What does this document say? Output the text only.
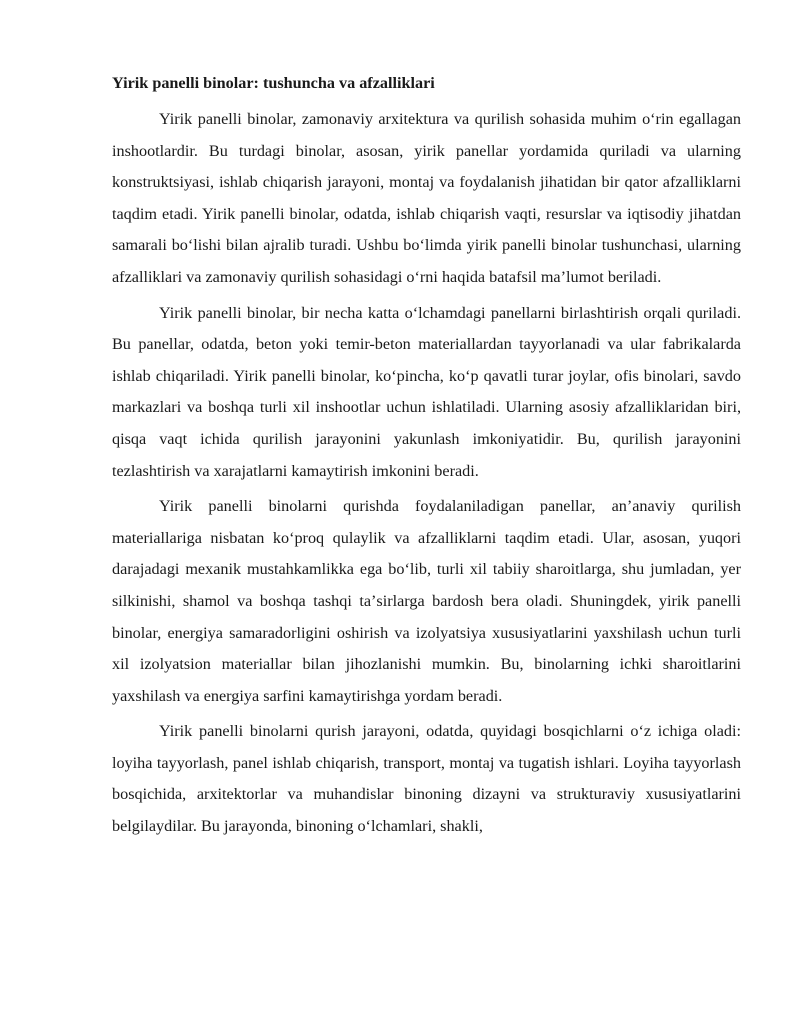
Yirik panelli binolar: tushuncha va afzalliklari

Yirik panelli binolar, zamonaviy arxitektura va qurilish sohasida muhim oʻrin egallagan inshootlardir. Bu turdagi binolar, asosan, yirik panellar yordamida quriladi va ularning konstruktsiyasi, ishlab chiqarish jarayoni, montaj va foydalanish jihatidan bir qator afzalliklarni taqdim etadi. Yirik panelli binolar, odatda, ishlab chiqarish vaqti, resurslar va iqtisodiy jihatdan samarali boʻlishi bilan ajralib turadi. Ushbu boʻlimda yirik panelli binolar tushunchasi, ularning afzalliklari va zamonaviy qurilish sohasidagi oʻrni haqida batafsil maʼlumot beriladi.

Yirik panelli binolar, bir necha katta oʻlchamdagi panellarni birlashtirish orqali quriladi. Bu panellar, odatda, beton yoki temir-beton materiallardan tayyorlanadi va ular fabrikalarda ishlab chiqariladi. Yirik panelli binolar, koʻpincha, koʻp qavatli turar joylar, ofis binolari, savdo markazlari va boshqa turli xil inshootlar uchun ishlatiladi. Ularning asosiy afzalliklaridan biri, qisqa vaqt ichida qurilish jarayonini yakunlash imkoniyatidir. Bu, qurilish jarayonini tezlashtirish va xarajatlarni kamaytirish imkonini beradi.

Yirik panelli binolarni qurishda foydalaniladigan panellar, anʼanaviy qurilish materiallariga nisbatan koʻproq qulaylik va afzalliklarni taqdim etadi. Ular, asosan, yuqori darajadagi mexanik mustahkamlikka ega boʻlib, turli xil tabiiy sharoitlarga, shu jumladan, yer silkinishi, shamol va boshqa tashqi taʼsirlarga bardosh bera oladi. Shuningdek, yirik panelli binolar, energiya samaradorligini oshirish va izolyatsiya xususiyatlarini yaxshilash uchun turli xil izolyatsion materiallar bilan jihozlanishi mumkin. Bu, binolarning ichki sharoitlarini yaxshilash va energiya sarfini kamaytirishga yordam beradi.

Yirik panelli binolarni qurish jarayoni, odatda, quyidagi bosqichlarni oʻz ichiga oladi: loyiha tayyorlash, panel ishlab chiqarish, transport, montaj va tugatish ishlari. Loyiha tayyorlash bosqichida, arxitektorlar va muhandislar binoning dizayni va strukturaviy xususiyatlarini belgilaydilar. Bu jarayonda, binoning oʻlchamlari, shakli,
